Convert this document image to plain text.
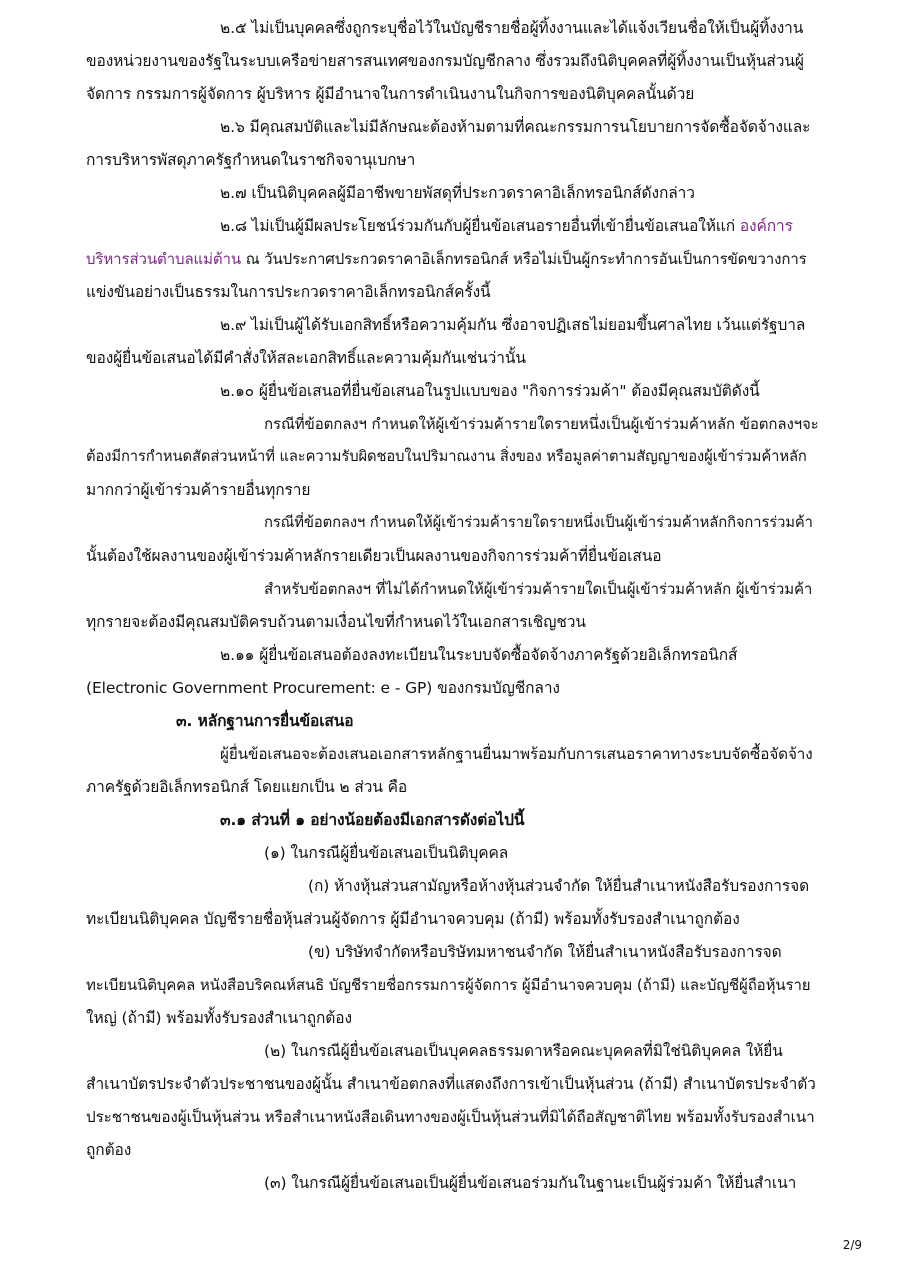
๒.๕ ไม่เป็นบุคคลซึ่งถูกระบุชื่อไว้ในบัญชีรายชื่อผู้ทิ้งงานและได้แจ้งเวียนชื่อให้เป็นผู้ทิ้งงาน
ของหน่วยงานของรัฐในระบบเครือข่ายสารสนเทศของกรมบัญชีกลาง ซึ่งรวมถึงนิติบุคคลที่ผู้ทิ้งงานเป็นหุ้นส่วนผู้
จัดการ กรรมการผู้จัดการ ผู้บริหาร ผู้มีอำนาจในการดำเนินงานในกิจการของนิติบุคคลนั้นด้วย
๒.๖ มีคุณสมบัติและไม่มีลักษณะต้องห้ามตามที่คณะกรรมการนโยบายการจัดซื้อจัดจ้างและ
การบริหารพัสดุภาครัฐกำหนดในราชกิจจานุเบกษา
๒.๗ เป็นนิติบุคคลผู้มีอาชีพขายพัสดุที่ประกวดราคาอิเล็กทรอนิกส์ดังกล่าว
๒.๘ ไม่เป็นผู้มีผลประโยชน์ร่วมกันกับผู้ยื่นข้อเสนอรายอื่นที่เข้ายื่นข้อเสนอให้แก่ องค์การ
บริหารส่วนตำบลแม่ต้าน ณ วันประกาศประกวดราคาอิเล็กทรอนิกส์ หรือไม่เป็นผู้กระทำการอันเป็นการขัดขวางการ
แข่งขันอย่างเป็นธรรมในการประกวดราคาอิเล็กทรอนิกส์ครั้งนี้
๒.๙ ไม่เป็นผู้ได้รับเอกสิทธิ์หรือความคุ้มกัน ซึ่งอาจปฏิเสธไม่ยอมขึ้นศาลไทย เว้นแต่รัฐบาล
ของผู้ยื่นข้อเสนอได้มีคำสั่งให้สละเอกสิทธิ์และความคุ้มกันเช่นว่านั้น
๒.๑๐ ผู้ยื่นข้อเสนอที่ยื่นข้อเสนอในรูปแบบของ "กิจการร่วมค้า" ต้องมีคุณสมบัติดังนี้
กรณีที่ข้อตกลงฯ กำหนดให้ผู้เข้าร่วมค้ารายใดรายหนึ่งเป็นผู้เข้าร่วมค้าหลัก ข้อตกลงฯจะ
ต้องมีการกำหนดสัดส่วนหน้าที่ และความรับผิดชอบในปริมาณงาน สิ่งของ หรือมูลค่าตามสัญญาของผู้เข้าร่วมค้าหลัก
มากกว่าผู้เข้าร่วมค้ารายอื่นทุกราย
กรณีที่ข้อตกลงฯ กำหนดให้ผู้เข้าร่วมค้ารายใดรายหนึ่งเป็นผู้เข้าร่วมค้าหลักกิจการร่วมค้า
นั้นต้องใช้ผลงานของผู้เข้าร่วมค้าหลักรายเดียวเป็นผลงานของกิจการร่วมค้าที่ยื่นข้อเสนอ
สำหรับข้อตกลงฯ ที่ไม่ได้กำหนดให้ผู้เข้าร่วมค้ารายใดเป็นผู้เข้าร่วมค้าหลัก ผู้เข้าร่วมค้า
ทุกรายจะต้องมีคุณสมบัติครบถ้วนตามเงื่อนไขที่กำหนดไว้ในเอกสารเชิญชวน
๒.๑๑ ผู้ยื่นข้อเสนอต้องลงทะเบียนในระบบจัดซื้อจัดจ้างภาครัฐด้วยอิเล็กทรอนิกส์
(Electronic Government Procurement: e - GP) ของกรมบัญชีกลาง
๓. หลักฐานการยื่นข้อเสนอ
ผู้ยื่นข้อเสนอจะต้องเสนอเอกสารหลักฐานยื่นมาพร้อมกับการเสนอราคาทางระบบจัดซื้อจัดจ้าง
ภาครัฐด้วยอิเล็กทรอนิกส์ โดยแยกเป็น ๒ ส่วน คือ
๓.๑ ส่วนที่ ๑ อย่างน้อยต้องมีเอกสารดังต่อไปนี้
(๑) ในกรณีผู้ยื่นข้อเสนอเป็นนิติบุคคล
(ก) ห้างหุ้นส่วนสามัญหรือห้างหุ้นส่วนจำกัด ให้ยื่นสำเนาหนังสือรับรองการจด
ทะเบียนนิติบุคคล บัญชีรายชื่อหุ้นส่วนผู้จัดการ ผู้มีอำนาจควบคุม (ถ้ามี) พร้อมทั้งรับรองสำเนาถูกต้อง
(ข) บริษัทจำกัดหรือบริษัทมหาชนจำกัด ให้ยื่นสำเนาหนังสือรับรองการจด
ทะเบียนนิติบุคคล หนังสือบริคณห์สนธิ บัญชีรายชื่อกรรมการผู้จัดการ ผู้มีอำนาจควบคุม (ถ้ามี) และบัญชีผู้ถือหุ้นราย
ใหญ่ (ถ้ามี) พร้อมทั้งรับรองสำเนาถูกต้อง
(๒) ในกรณีผู้ยื่นข้อเสนอเป็นบุคคลธรรมดาหรือคณะบุคคลที่มิใช่นิติบุคคล ให้ยื่น
สำเนาบัตรประจำตัวประชาชนของผู้นั้น สำเนาข้อตกลงที่แสดงถึงการเข้าเป็นหุ้นส่วน (ถ้ามี) สำเนาบัตรประจำตัว
ประชาชนของผู้เป็นหุ้นส่วน หรือสำเนาหนังสือเดินทางของผู้เป็นหุ้นส่วนที่มิได้ถือสัญชาติไทย พร้อมทั้งรับรองสำเนา
ถูกต้อง
(๓) ในกรณีผู้ยื่นข้อเสนอเป็นผู้ยื่นข้อเสนอร่วมกันในฐานะเป็นผู้ร่วมค้า ให้ยื่นสำเนา
2/9
